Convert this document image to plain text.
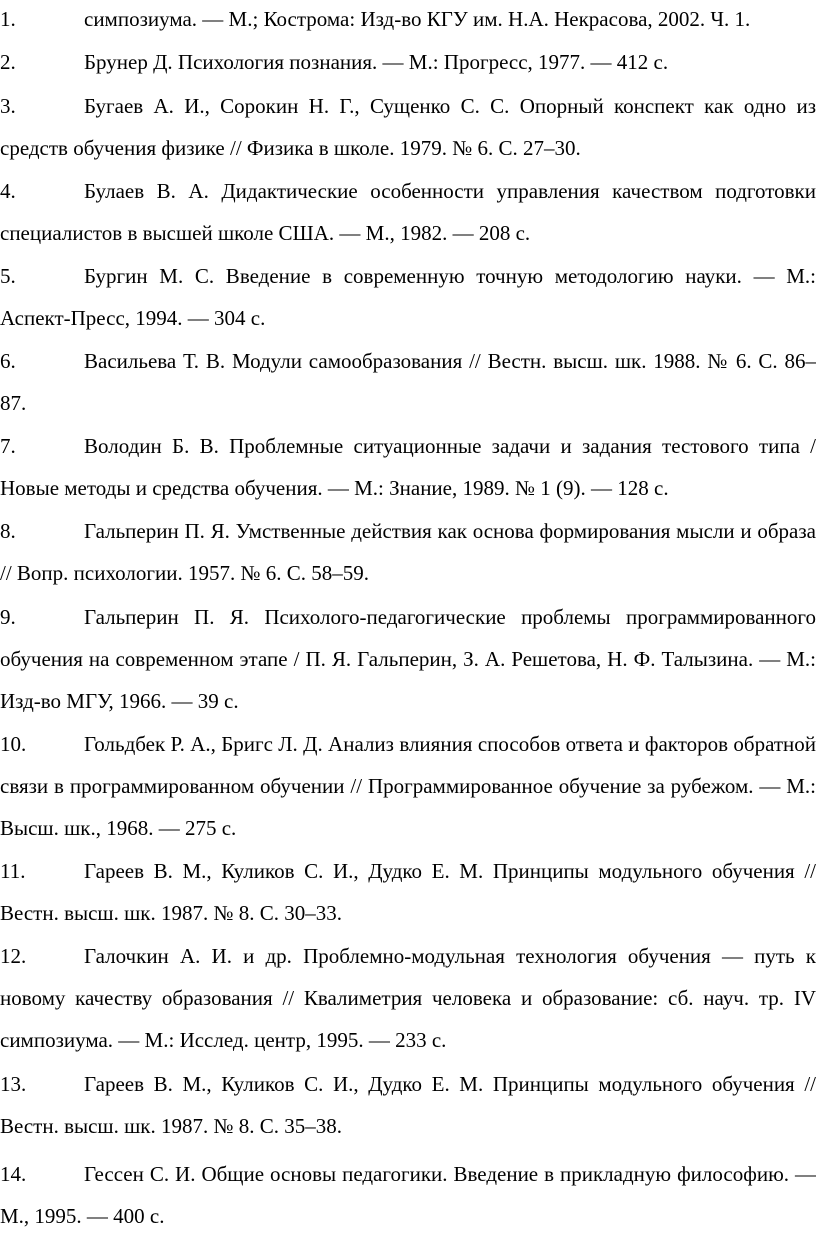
1.	симпозиума. — М.; Кострома: Изд-во КГУ им. Н.А. Некрасова, 2002. Ч. 1.
2.	Брунер Д. Психология познания. — М.: Прогресс, 1977. — 412 с.
3.	Бугаев А. И., Сорокин Н. Г., Сущенко С. С. Опорный конспект как одно из средств обучения физике // Физика в школе. 1979. № 6. С. 27–30.
4.	Булаев В. А. Дидактические особенности управления качеством подготовки специалистов в высшей школе США. — М., 1982. — 208 с.
5.	Бургин М. С. Введение в современную точную методологию науки. — М.: Аспект-Пресс, 1994. — 304 с.
6.	Васильева Т. В. Модули самообразования // Вестн. высш. шк. 1988. № 6. С. 86–87.
7.	Володин Б. В. Проблемные ситуационные задачи и задания тестового типа / Новые методы и средства обучения. — М.: Знание, 1989. № 1 (9). — 128 с.
8.	Гальперин П. Я. Умственные действия как основа формирования мысли и образа // Вопр. психологии. 1957. № 6. С. 58–59.
9.	Гальперин П. Я. Психолого-педагогические проблемы программированного обучения на современном этапе / П. Я. Гальперин, З. А. Решетова, Н. Ф. Талызина. — М.: Изд-во МГУ, 1966. — 39 с.
10.	Гольдбек Р. А., Бригс Л. Д. Анализ влияния способов ответа и факторов обратной связи в программированном обучении // Программированное обучение за рубежом. — М.: Высш. шк., 1968. — 275 с.
11.	Гареев В. М., Куликов С. И., Дудко Е. М. Принципы модульного обучения // Вестн. высш. шк. 1987. № 8. С. 30–33.
12.	Галочкин А. И. и др. Проблемно-модульная технология обучения — путь к новому качеству образования // Квалиметрия человека и образование: сб. науч. тр. IV симпозиума. — М.: Исслед. центр, 1995. — 233 с.
13.	Гареев В. М., Куликов С. И., Дудко Е. М. Принципы модульного обучения // Вестн. высш. шк. 1987. № 8. С. 35–38.
14.	Гессен С. И. Общие основы педагогики. Введение в прикладную философию. — М., 1995. — 400 с.
